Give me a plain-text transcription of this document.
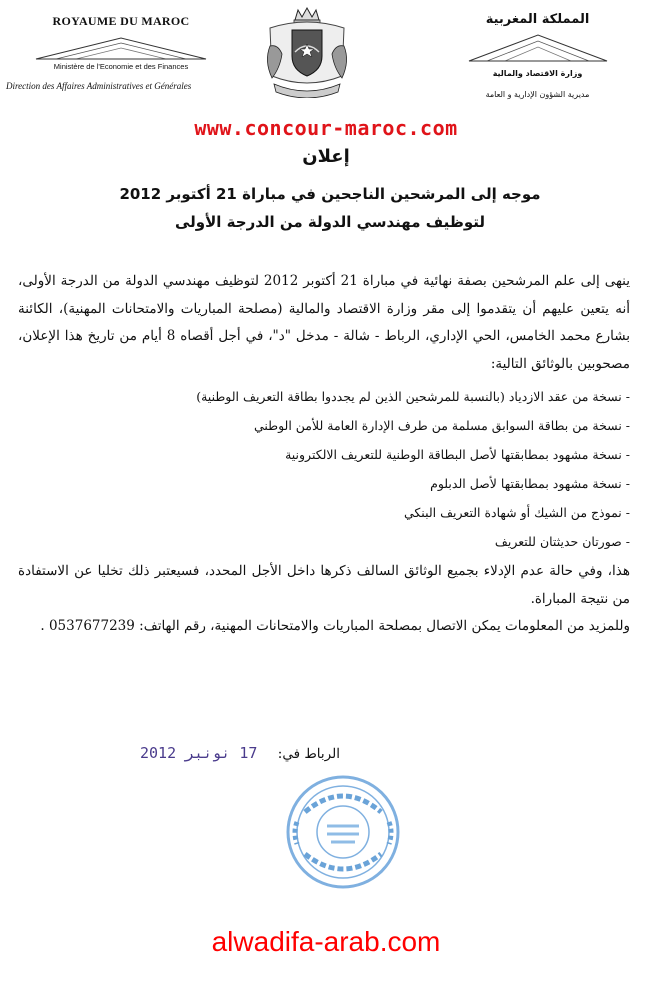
ROYAUME DU MAROC
Ministère de l'Economie et des Finances
Direction des Affaires Administratives et Générales
المملكة المغربية
وزارة الاقتصاد والمالية
مديرية الشؤون الإدارية و العامة
www.concour-maroc.com
إعلان
موجه إلى المرشحين الناجحين في مباراة 21 أكتوبر 2012
لتوظيف مهندسي الدولة من الدرجة الأولى

ينهى إلى علم المرشحين بصفة نهائية في مباراة 21 أكتوبر 2012 لتوظيف مهندسي الدولة من الدرجة الأولى، أنه يتعين عليهم أن يتقدموا إلى مقر وزارة الاقتصاد والمالية (مصلحة المباريات والامتحانات المهنية)، الكائنة بشارع محمد الخامس، الحي الإداري، الرباط - شالة - مدخل "د"، في أجل أقصاه 8 أيام من تاريخ هذا الإعلان، مصحوبين بالوثائق التالية:

- نسخة من عقد الازدياد (بالنسبة للمرشحين الذين لم يجددوا بطاقة التعريف الوطنية)
- نسخة من بطاقة السوابق مسلمة من طرف الإدارة العامة للأمن الوطني
- نسخة مشهود بمطابقتها لأصل البطاقة الوطنية للتعريف الالكترونية
- نسخة مشهود بمطابقتها لأصل الدبلوم
- نموذج من الشيك أو شهادة التعريف البنكي
- صورتان حديثتان للتعريف

هذا، وفي حالة عدم الإدلاء بجميع الوثائق السالف ذكرها داخل الأجل المحدد، فسيعتبر ذلك تخليا عن الاستفادة من نتيجة المباراة.

وللمزيد من المعلومات يمكن الاتصال بمصلحة المباريات والامتحانات المهنية، رقم الهاتف: 0537677239 .

الرباط في:
17 نونبر 2012
alwadifa-arab.com
